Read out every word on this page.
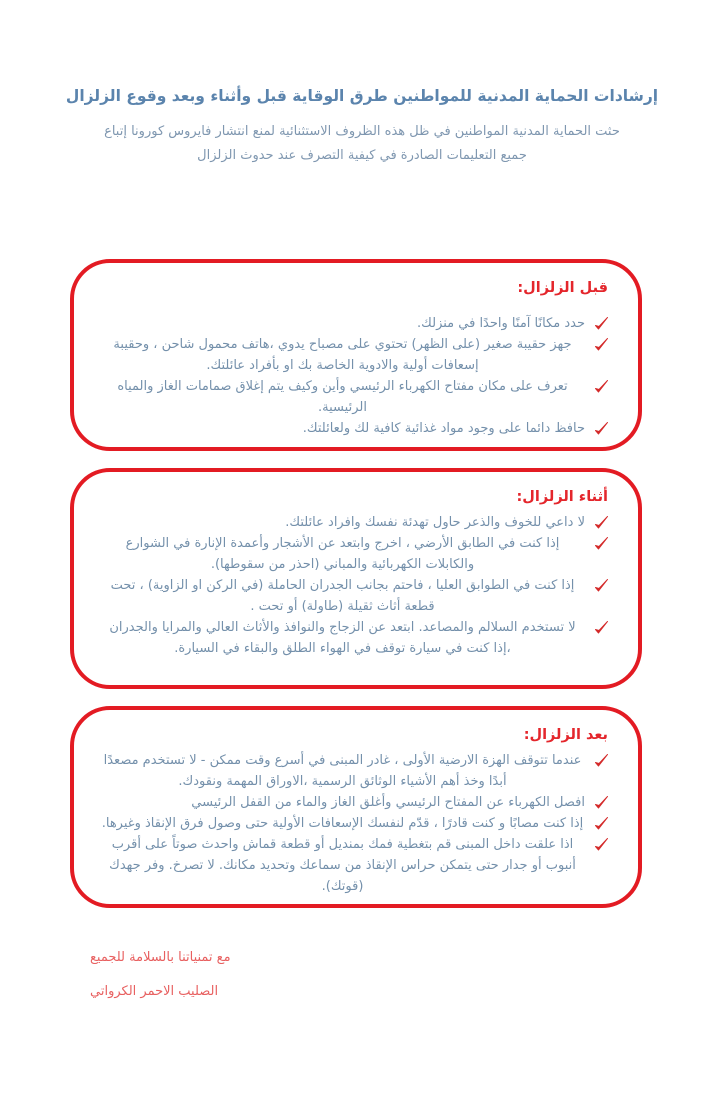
إرشادات الحماية المدنية للمواطنين طرق الوقاية قبل وأثناء وبعد وقوع الزلزال

حثت الحماية المدنية المواطنين في ظل هذه الظروف الاستثنائية لمنع انتشار فايروس كورونا إتباع جميع التعليمات الصادرة في كيفية التصرف عند حدوث الزلزال

قبل الزلزال:
حدد مكانًا آمنًا واحدًا في منزلك.
جهز حقيبة صغير (على الظهر) تحتوي على مصباح يدوي ،هاتف محمول شاحن ، وحقيبة إسعافات أولية والادوية الخاصة بك او بأفراد عائلتك.
تعرف على مكان مفتاح الكهرباء الرئيسي وأين وكيف يتم إغلاق صمامات الغاز والمياه الرئيسية.
حافظ دائما على وجود مواد غذائية كافية لك ولعائلتك.
أثناء الزلزال:
لا داعي للخوف والذعر حاول تهدئة نفسك وافراد عائلتك.
إذا كنت في الطابق الأرضي ، اخرج وابتعد عن الأشجار وأعمدة الإنارة في الشوارع والكابلات الكهربائية والمباني (احذر من سقوطها).
إذا كنت في الطوابق العليا ، فاحتم بجانب الجدران الحاملة (في الركن او الزاوية) ، تحت قطعة أثاث ثقيلة (طاولة) أو تحت .
لا تستخدم السلالم والمصاعد. ابتعد عن الزجاج والنوافذ والأثاث العالي والمرايا والجدران ،إذا كنت في سيارة توقف في الهواء الطلق والبقاء في السيارة.
بعد الزلزال:
عندما تتوقف الهزة الارضية الأولى ، غادر المبنى في أسرع وقت ممكن - لا تستخدم مصعدًا أبدًا وخذ أهم الأشياء الوثائق الرسمية ،الاوراق المهمة ونقودك.
افصل الكهرباء عن المفتاح الرئيسي وأغلق الغاز والماء من القفل الرئيسي
إذا كنت مصابًا و كنت قادرًا ، قدّم لنفسك الإسعافات الأولية حتى وصول فرق الإنقاذ وغيرها.
اذا علقت داخل المبنى قم بتغطية فمك بمنديل أو قطعة قماش واحدث صوتاً على أقرب أنبوب أو جدار حتى يتمكن حراس الإنقاذ من سماعك وتحديد مكانك. لا تصرخ. وفر جهدك (قوتك).

مع تمنياتنا بالسلامة للجميع

الصليب الاحمر الكرواتي
